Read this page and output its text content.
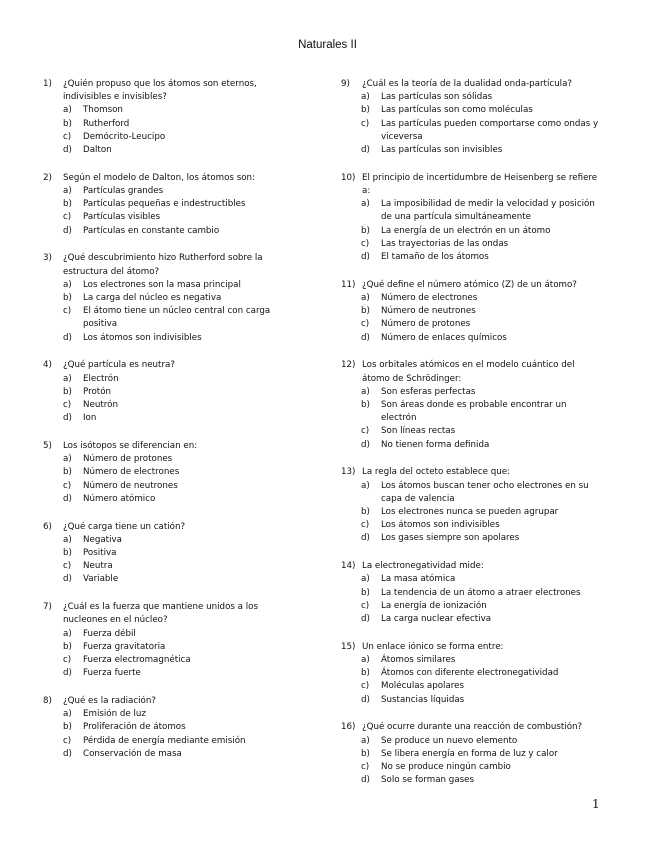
Naturales II
1)	¿Quién propuso que los átomos son eternos, indivisibles e invisibles?
a)	Thomson
b)	Rutherford
c)	Demócrito-Leucipo
d)	Dalton
2)	Según el modelo de Dalton, los átomos son:
a)	Partículas grandes
b)	Partículas pequeñas e indestructibles
c)	Partículas visibles
d)	Partículas en constante cambio
3)	¿Qué descubrimiento hizo Rutherford sobre la estructura del átomo?
a)	Los electrones son la masa principal
b)	La carga del núcleo es negativa
c)	El átomo tiene un núcleo central con carga positiva
d)	Los átomos son indivisibles
4)	¿Qué partícula es neutra?
a)	Electrón
b)	Protón
c)	Neutrón
d)	Ion
5)	Los isótopos se diferencian en:
a)	Número de protones
b)	Número de electrones
c)	Número de neutrones
d)	Número atómico
6)	¿Qué carga tiene un catión?
a)	Negativa
b)	Positiva
c)	Neutra
d)	Variable
7)	¿Cuál es la fuerza que mantiene unidos a los nucleones en el núcleo?
a)	Fuerza débil
b)	Fuerza gravitatoria
c)	Fuerza electromagnética
d)	Fuerza fuerte
8)	¿Qué es la radiación?
a)	Emisión de luz
b)	Proliferación de átomos
c)	Pérdida de energía mediante emisión
d)	Conservación de masa
9)	¿Cuál es la teoría de la dualidad onda-partícula?
a)	Las partículas son sólidas
b)	Las partículas son como moléculas
c)	Las partículas pueden comportarse como ondas y viceversa
d)	Las partículas son invisibles
10) El principio de incertidumbre de Heisenberg se refiere a:
a)	La imposibilidad de medir la velocidad y posición de una partícula simultáneamente
b)	La energía de un electrón en un átomo
c)	Las trayectorias de las ondas
d)	El tamaño de los átomos
11) ¿Qué define el número atómico (Z) de un átomo?
a)	Número de electrones
b)	Número de neutrones
c)	Número de protones
d)	Número de enlaces químicos
12) Los orbitales atómicos en el modelo cuántico del átomo de Schrödinger:
a)	Son esferas perfectas
b)	Son áreas donde es probable encontrar un electrón
c)	Son líneas rectas
d)	No tienen forma definida
13) La regla del octeto establece que:
a)	Los átomos buscan tener ocho electrones en su capa de valencia
b)	Los electrones nunca se pueden agrupar
c)	Los átomos son indivisibles
d)	Los gases siempre son apolares
14) La electronegatividad mide:
a)	La masa atómica
b)	La tendencia de un átomo a atraer electrones
c)	La energía de ionización
d)	La carga nuclear efectiva
15) Un enlace iónico se forma entre:
a)	Átomos similares
b)	Átomos con diferente electronegatividad
c)	Moléculas apolares
d)	Sustancias líquidas
16) ¿Qué ocurre durante una reacción de combustión?
a)	Se produce un nuevo elemento
b)	Se libera energía en forma de luz y calor
c)	No se produce ningún cambio
d)	Solo se forman gases
1
